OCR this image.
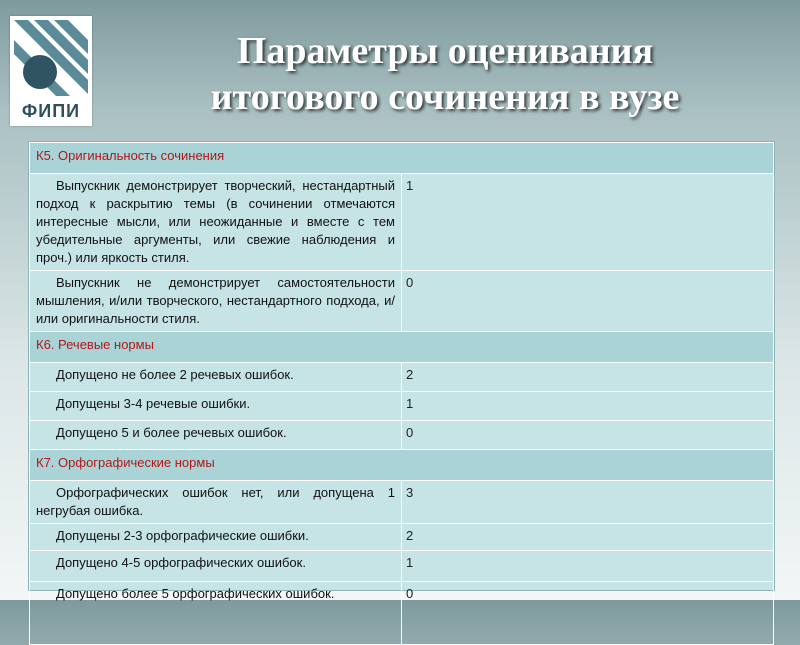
ФИПИ
Параметры оценивания
итогового сочинения в вузе
К5. Оригинальность сочинения	

Выпускник демонстрирует творческий, нестандартный подход к раскрытию темы (в сочинении отмечаются интересные мысли, или неожиданные и вместе с тем убедительные аргументы, или свежие наблюдения и проч.) или яркость стиля.	1

Выпускник не демонстрирует самостоятельности мышления, и/или творческого, нестандартного подхода, и/или оригинальности стиля.	0
К6. Речевые нормы	

Допущено не более 2 речевых ошибок.	2

Допущены 3-4 речевые ошибки.	1

Допущено 5 и более речевых ошибок.	0
К7. Орфографические нормы	

Орфографических ошибок нет, или допущена 1 негрубая ошибка.	3

Допущены 2-3 орфографические ошибки.	2

Допущено 4-5 орфографических ошибок.	1

Допущено более 5 орфографических ошибок.	0
